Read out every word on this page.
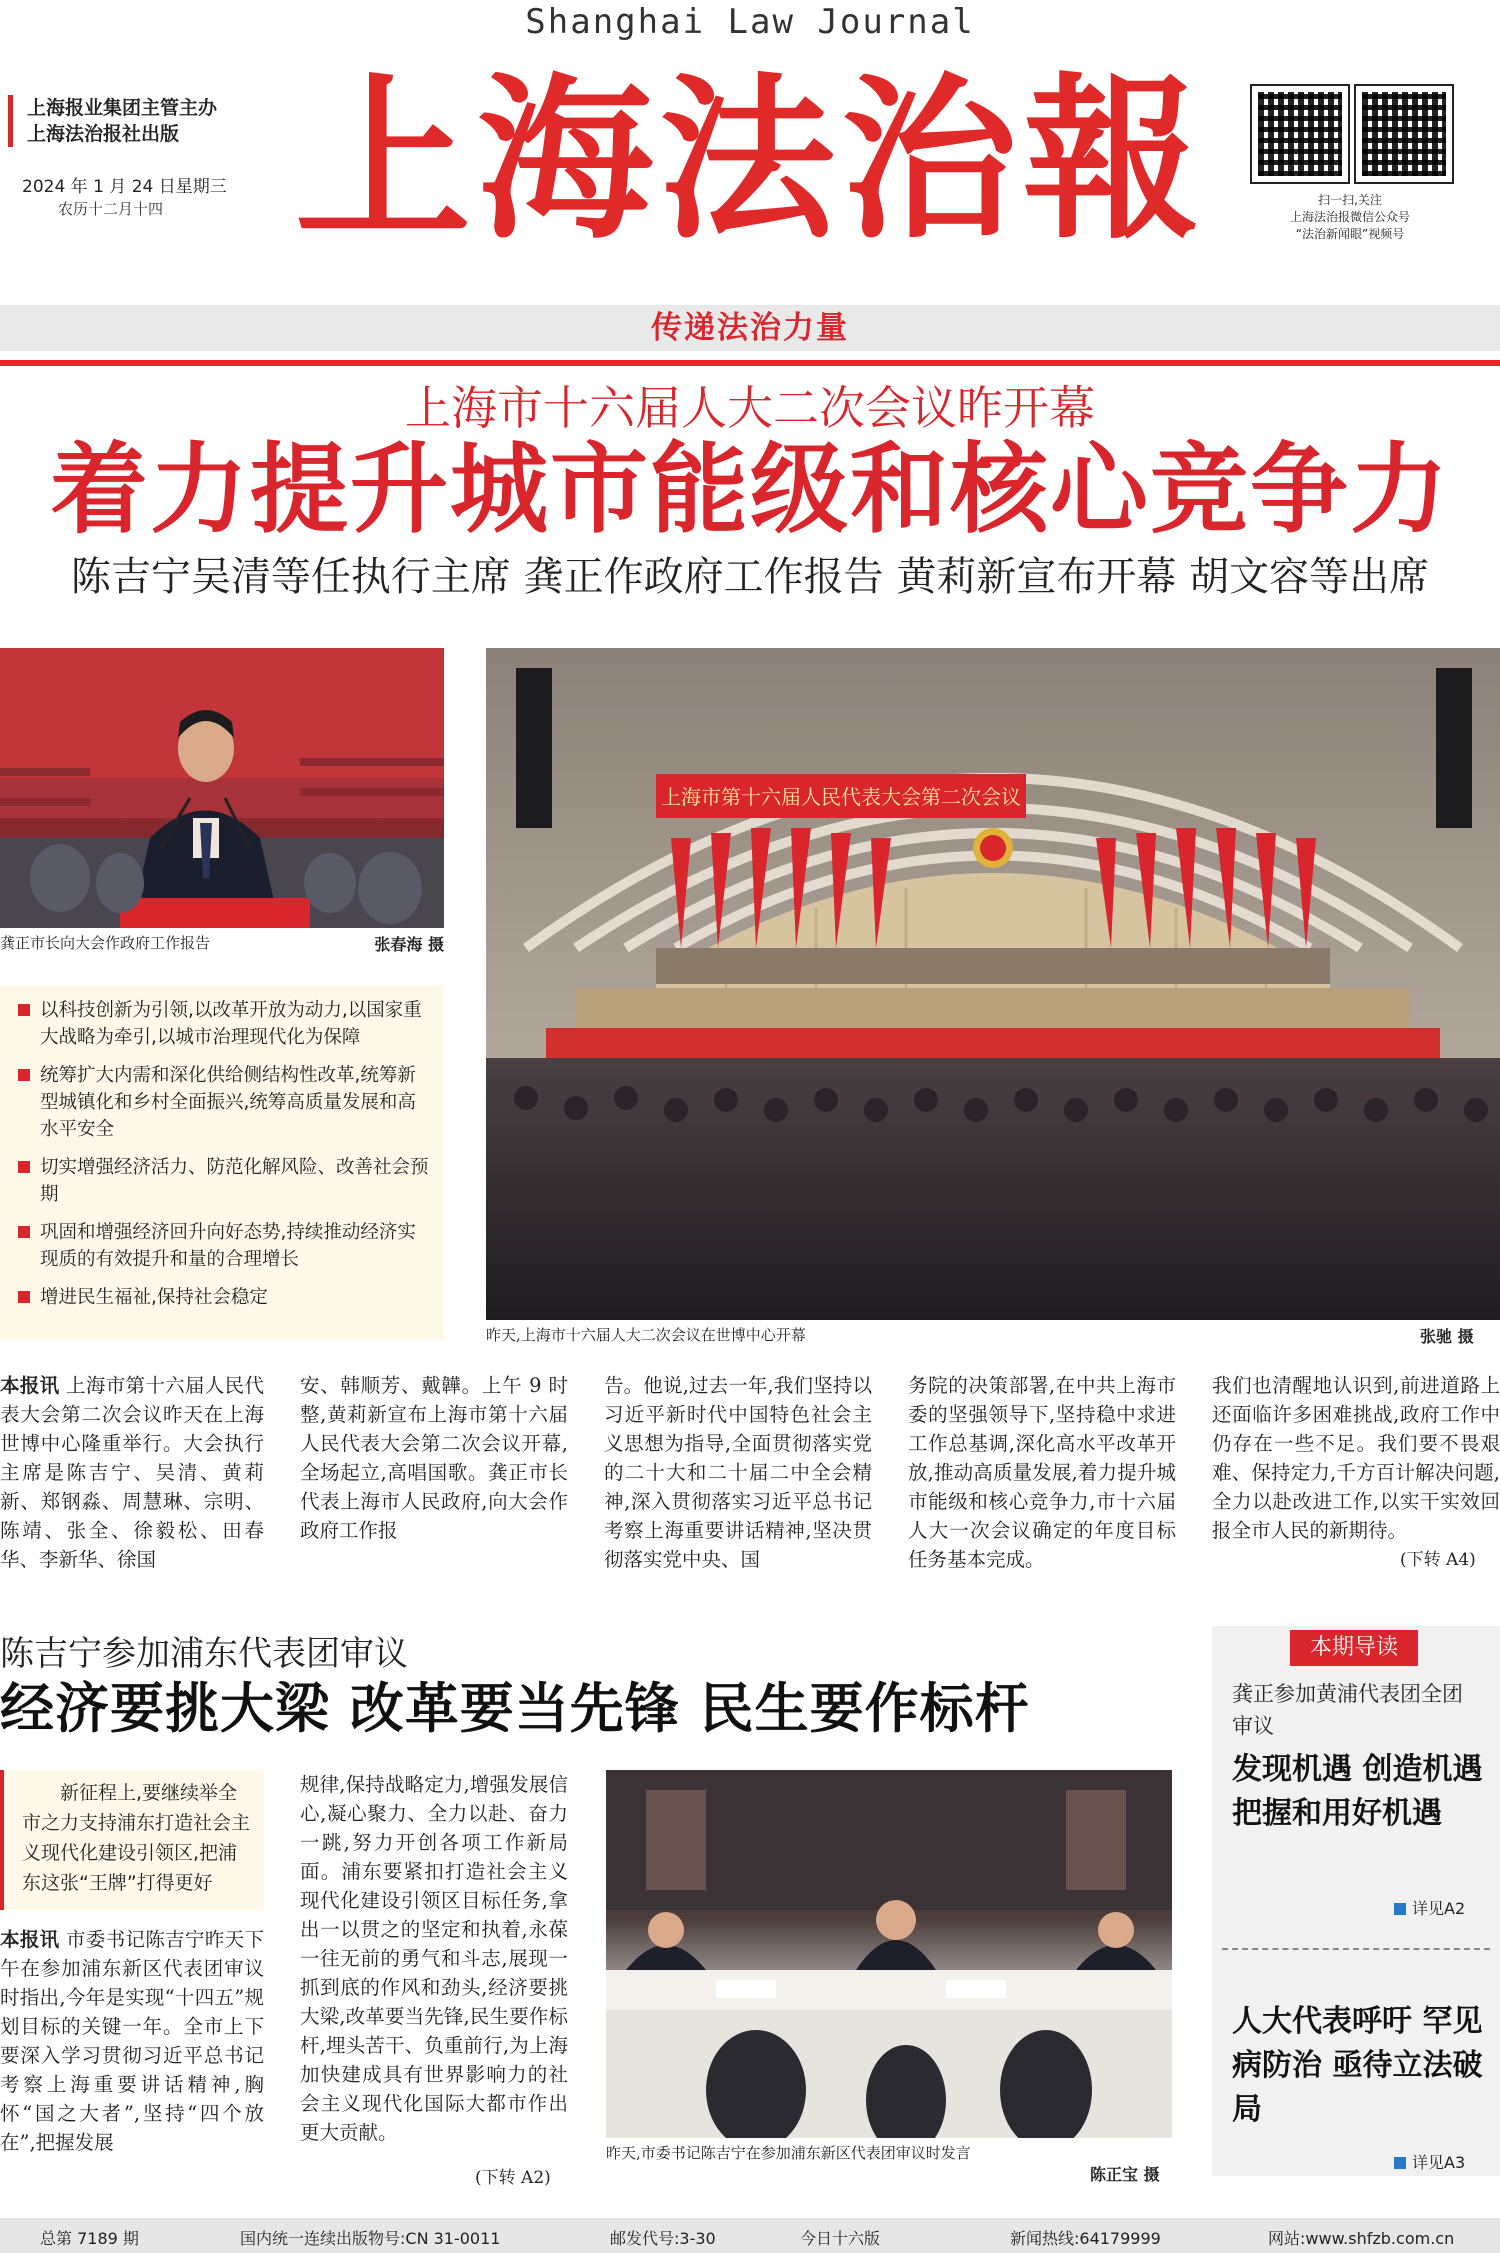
Shanghai Law Journal
上海报业集团主管主办
上海法治报社出版
2024 年 1 月 24 日星期三
农历十二月十四 上海法治報	扫一扫,关注
上海法治报微信公众号
“法治新闻眼”视频号
传递法治力量
上海市十六届人大二次会议昨开幕
着力提升城市能级和核心竞争力
陈吉宁吴清等任执行主席 龚正作政府工作报告 黄莉新宣布开幕 胡文容等出席
龚正市长向大会作政府工作报告	张春海 摄
上海市第十六届人民代表大会第二次会议
昨天,上海市十六届人大二次会议在世博中心开幕	张驰 摄
以科技创新为引领,以改革开放为动力,以国家重大战略为牵引,以城市治理现代化为保障
统筹扩大内需和深化供给侧结构性改革,统筹新型城镇化和乡村全面振兴,统筹高质量发展和高水平安全
切实增强经济活力、防范化解风险、改善社会预期
巩固和增强经济回升向好态势,持续推动经济实现质的有效提升和量的合理增长
增进民生福祉,保持社会稳定
本报讯 上海市第十六届人民代表大会第二次会议昨天在上海世博中心隆重举行。大会执行主席是陈吉宁、吴清、黄莉新、郑钢淼、周慧琳、宗明、陈靖、张全、徐毅松、田春华、李新华、徐国
安、韩顺芳、戴韡。上午 9 时整,黄莉新宣布上海市第十六届人民代表大会第二次会议开幕,全场起立,高唱国歌。龚正市长代表上海市人民政府,向大会作政府工作报
告。他说,过去一年,我们坚持以习近平新时代中国特色社会主义思想为指导,全面贯彻落实党的二十大和二十届二中全会精神,深入贯彻落实习近平总书记考察上海重要讲话精神,坚决贯彻落实党中央、国
务院的决策部署,在中共上海市委的坚强领导下,坚持稳中求进工作总基调,深化高水平改革开放,推动高质量发展,着力提升城市能级和核心竞争力,市十六届人大一次会议确定的年度目标任务基本完成。
我们也清醒地认识到,前进道路上还面临许多困难挑战,政府工作中仍存在一些不足。我们要不畏艰难、保持定力,千方百计解决问题,全力以赴改进工作,以实干实效回报全市人民的新期待。
(下转 A4)
陈吉宁参加浦东代表团审议
经济要挑大梁 改革要当先锋 民生要作标杆
新征程上,要继续举全市之力支持浦东打造社会主义现代化建设引领区,把浦东这张“王牌”打得更好
本报讯 市委书记陈吉宁昨天下午在参加浦东新区代表团审议时指出,今年是实现“十四五”规划目标的关键一年。全市上下要深入学习贯彻习近平总书记考察上海重要讲话精神,胸怀“国之大者”,坚持“四个放在”,把握发展
规律,保持战略定力,增强发展信心,凝心聚力、全力以赴、奋力一跳,努力开创各项工作新局面。浦东要紧扣打造社会主义现代化建设引领区目标任务,拿出一以贯之的坚定和执着,永葆一往无前的勇气和斗志,展现一抓到底的作风和劲头,经济要挑大梁,改革要当先锋,民生要作标杆,埋头苦干、负重前行,为上海加快建成具有世界影响力的社会主义现代化国际大都市作出更大贡献。
(下转 A2)
昨天,市委书记陈吉宁在参加浦东新区代表团审议时发言
陈正宝 摄
本期导读
龚正参加黄浦代表团全团审议
发现机遇 创造机遇 把握和用好机遇
详见A2
人大代表呼吁 罕见病防治 亟待立法破局
详见A3
总第 7189 期	国内统一连续出版物号:CN 31-0011	邮发代号:3-30	今日十六版	新闻热线:64179999	网站:www.shfzb.com.cn
